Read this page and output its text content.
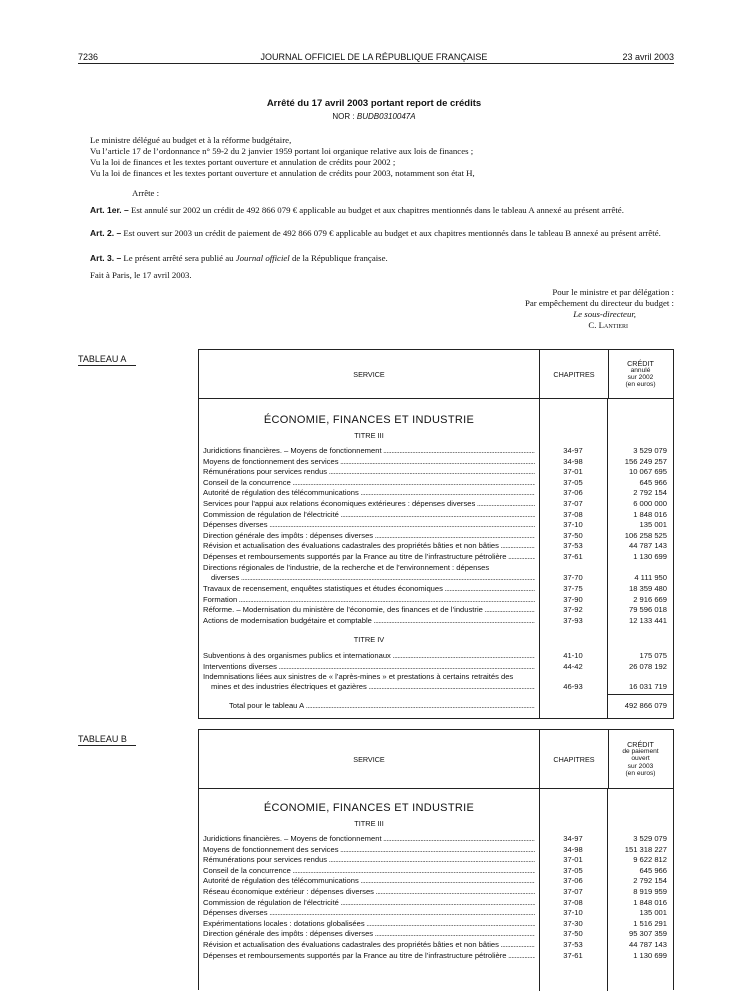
7236	JOURNAL OFFICIEL DE LA RÉPUBLIQUE FRANÇAISE	23 avril 2003
Arrêté du 17 avril 2003 portant report de crédits
NOR : BUDB0310047A
Le ministre délégué au budget et à la réforme budgétaire,
Vu l’article 17 de l’ordonnance n° 59-2 du 2 janvier 1959 portant loi organique relative aux lois de finances ;
Vu la loi de finances et les textes portant ouverture et annulation de crédits pour 2002 ;
Vu la loi de finances et les textes portant ouverture et annulation de crédits pour 2003, notamment son état H,
Arrête :
Art. 1er. – Est annulé sur 2002 un crédit de 492 866 079 € applicable au budget et aux chapitres mentionnés dans le tableau A annexé au présent arrêté.
Art. 2. – Est ouvert sur 2003 un crédit de paiement de 492 866 079 € applicable au budget et aux chapitres mentionnés dans le tableau B annexé au présent arrêté.
Art. 3. – Le présent arrêté sera publié au Journal officiel de la République française.
Fait à Paris, le 17 avril 2003.
Pour le ministre et par délégation :
Par empêchement du directeur du budget :
Le sous-directeur,
C. Lantieri
TABLEAU A
SERVICE	CHAPITRES
CRÉDIT
annulé
sur 2002
(en euros)
ÉCONOMIE, FINANCES ET INDUSTRIE
TITRE III
Juridictions financières. – Moyens de fonctionnement .....	34-97	3 529 079
Moyens de fonctionnement des services .....	34-98	156 249 257
Rémunérations pour services rendus .....	37-01	10 067 695
Conseil de la concurrence .....	37-05	645 966
Autorité de régulation des télécommunications .....	37-06	2 792 154
Services pour l’appui aux relations économiques extérieures : dépenses diverses .....	37-07	6 000 000
Commission de régulation de l’électricité .....	37-08	1 848 016
Dépenses diverses .....	37-10	135 001
Direction générale des impôts : dépenses diverses .....	37-50	106 258 525
Révision et actualisation des évaluations cadastrales des propriétés bâties et non bâties .....	37-53	44 787 143
Dépenses et remboursements supportés par la France au titre de l’infrastructure pétrolière .....	37-61	1 130 699
Directions régionales de l’industrie, de la recherche et de l’environnement : dépenses
diverses .....	37-70	4 111 950
Travaux de recensement, enquêtes statistiques et études économiques .....	37-75	18 359 480
Formation .....	37-90	2 916 669
Réforme. – Modernisation du ministère de l’économie, des finances et de l’industrie .....	37-92	79 596 018
Actions de modernisation budgétaire et comptable .....	37-93	12 133 441
TITRE IV
Subventions à des organismes publics et internationaux .....	41-10	175 075
Interventions diverses .....	44-42	26 078 192
Indemnisations liées aux sinistres de « l’après-mines » et prestations à certains retraités des
mines et des industries électriques et gazières .....	46-93	16 031 719
Total pour le tableau A .....	492 866 079
TABLEAU B
SERVICE	CHAPITRES
CRÉDIT
de paiement
ouvert
sur 2003
(en euros)
ÉCONOMIE, FINANCES ET INDUSTRIE
TITRE III
Juridictions financières. – Moyens de fonctionnement .....	34-97	3 529 079
Moyens de fonctionnement des services .....	34-98	151 318 227
Rémunérations pour services rendus .....	37-01	9 622 812
Conseil de la concurrence .....	37-05	645 966
Autorité de régulation des télécommunications .....	37-06	2 792 154
Réseau économique extérieur : dépenses diverses .....	37-07	8 919 959
Commission de régulation de l’électricité .....	37-08	1 848 016
Dépenses diverses .....	37-10	135 001
Expérimentations locales : dotations globalisées .....	37-30	1 516 291
Direction générale des impôts : dépenses diverses .....	37-50	95 307 359
Révision et actualisation des évaluations cadastrales des propriétés bâties et non bâties .....	37-53	44 787 143
Dépenses et remboursements supportés par la France au titre de l’infrastructure pétrolière .....	37-61	1 130 699
